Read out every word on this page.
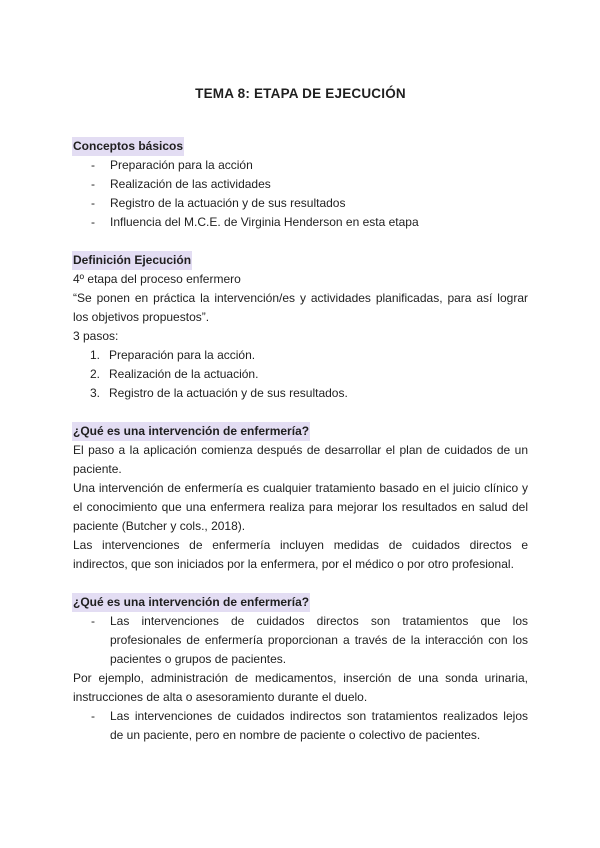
TEMA 8: ETAPA DE EJECUCIÓN
Conceptos básicos
- Preparación para la acción
- Realización de las actividades
- Registro de la actuación y de sus resultados
- Influencia del M.C.E. de Virginia Henderson en esta etapa
Definición Ejecución
4º etapa del proceso enfermero
“Se ponen en práctica la intervención/es y actividades planificadas, para así lograr
los objetivos propuestos”.
3 pasos:
1. Preparación para la acción.
2. Realización de la actuación.
3. Registro de la actuación y de sus resultados.
¿Qué es una intervención de enfermería?
El paso a la aplicación comienza después de desarrollar el plan de cuidados de un
paciente.
Una intervención de enfermería es cualquier tratamiento basado en el juicio clínico y
el conocimiento que una enfermera realiza para mejorar los resultados en salud del
paciente (Butcher y cols., 2018).
Las intervenciones de enfermería incluyen medidas de cuidados directos e
indirectos, que son iniciados por la enfermera, por el médico o por otro profesional.
¿Qué es una intervención de enfermería?
- Las intervenciones de cuidados directos son tratamientos que los
profesionales de enfermería proporcionan a través de la interacción con los
pacientes o grupos de pacientes.
Por ejemplo, administración de medicamentos, inserción de una sonda urinaria,
instrucciones de alta o asesoramiento durante el duelo.
- Las intervenciones de cuidados indirectos son tratamientos realizados lejos
de un paciente, pero en nombre de paciente o colectivo de pacientes.
